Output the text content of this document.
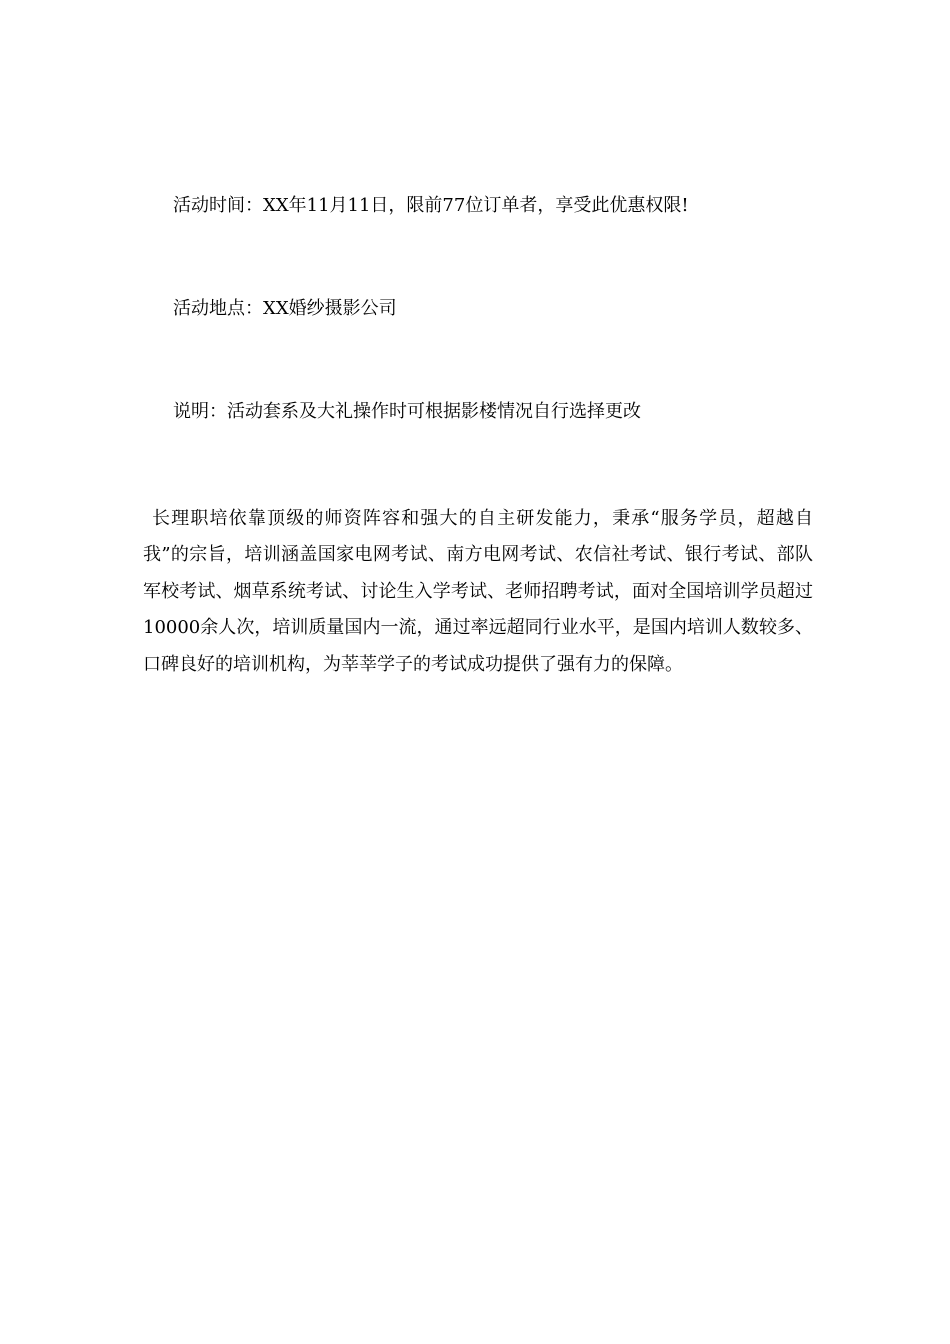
活动时间：XX年11月11日，限前77位订单者，享受此优惠权限!
活动地点：XX婚纱摄影公司
说明：活动套系及大礼操作时可根据影楼情况自行选择更改
长理职培依靠顶级的师资阵容和强大的自主研发能力，秉承“服务学员，超越自我”的宗旨，培训涵盖国家电网考试、南方电网考试、农信社考试、银行考试、部队军校考试、烟草系统考试、讨论生入学考试、老师招聘考试，面对全国培训学员超过10000余人次，培训质量国内一流，通过率远超同行业水平，是国内培训人数较多、口碑良好的培训机构，为莘莘学子的考试成功提供了强有力的保障。
